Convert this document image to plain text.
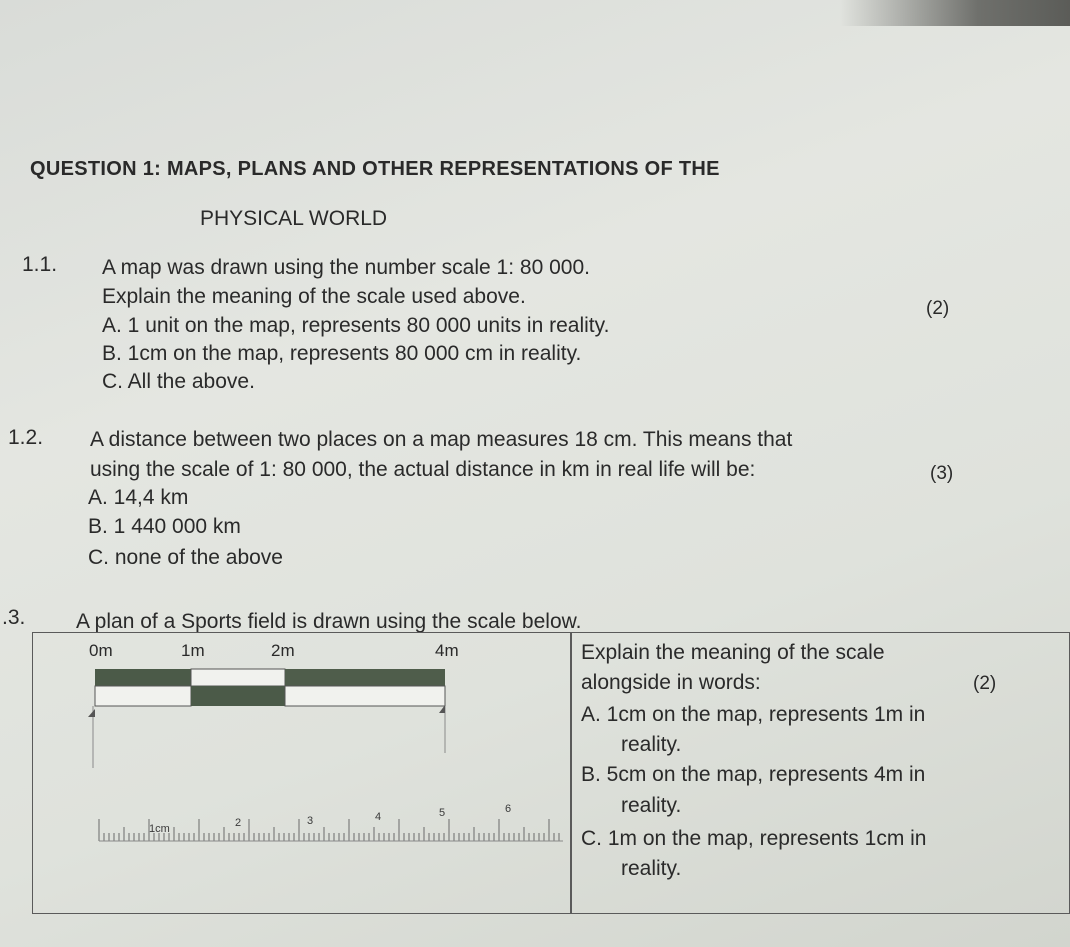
QUESTION 1: MAPS, PLANS AND OTHER REPRESENTATIONS OF THE
PHYSICAL WORLD
1.1. A map was drawn using the number scale 1: 80 000.
Explain the meaning of the scale used above.
(2)
A. 1 unit on the map, represents 80 000 units in reality.
B. 1cm on the map, represents 80 000 cm in reality.
C. All the above.
1.2. A distance between two places on a map measures 18 cm. This means that
using the scale of 1: 80 000, the actual distance in km in real life will be:	(3)
A. 14,4 km
B. 1 440 000 km
C. none of the above
.3. A plan of a Sports field is drawn using the scale below.
0m	1m	2m	4m
1cm	2	3	4	5	6
Explain the meaning of the scale
alongside in words:	(2)
A. 1cm on the map, represents 1m in
reality.
B. 5cm on the map, represents 4m in
reality.
C. 1m on the map, represents 1cm in
reality.
